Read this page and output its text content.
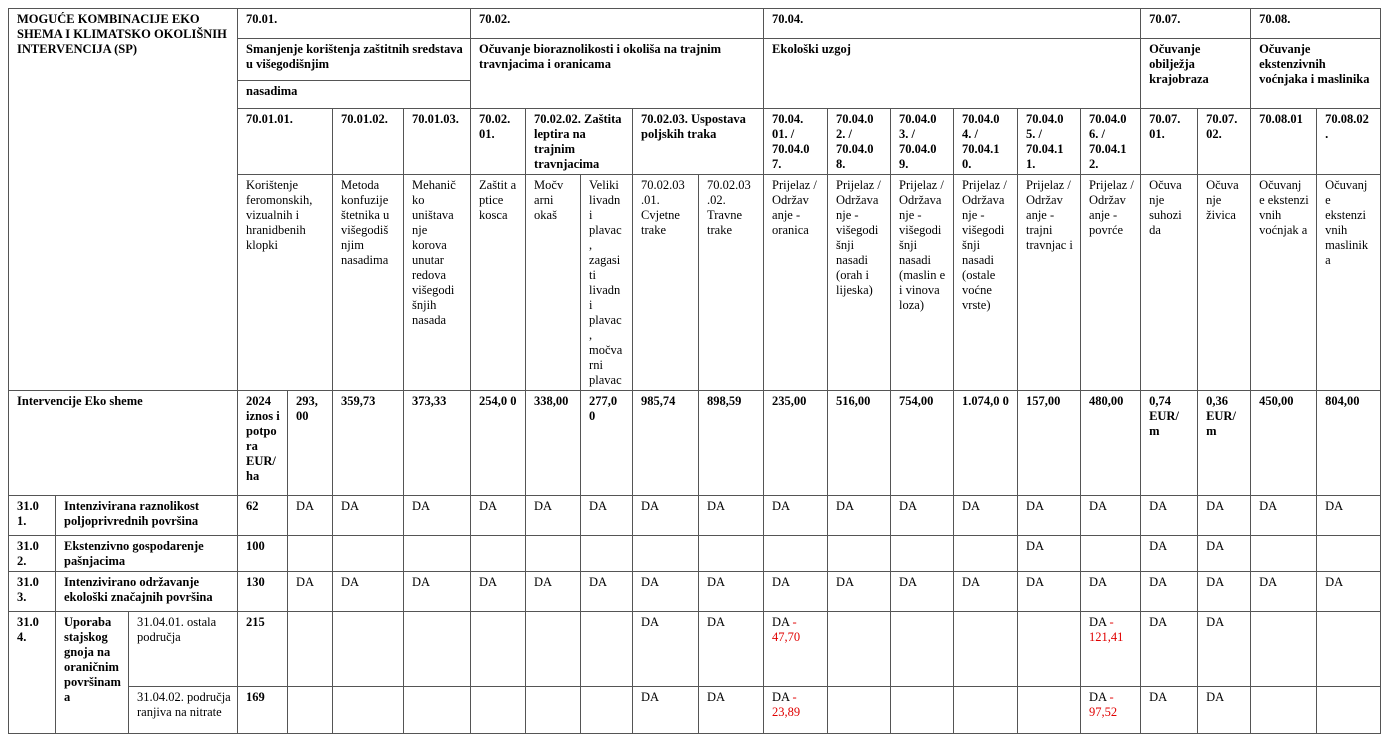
MOGUĆE KOMBINACIJE EKO SHEMA I KLIMATSKO OKOLIŠNIH INTERVENCIJA (SP)			70.01.				70.02.					70.04.						70.07.		70.08.	
			Smanjenje korištenja zaštitnih sredstava u višegodišnjim				Očuvanje bioraznolikosti i okoliša na trajnim travnjacima i oranicama					Ekološki uzgoj						Očuvanje obilježja krajobraza		Očuvanje ekstenzivnih voćnjaka i maslinika	
			nasadima																		
			70.01.01.		70.01.02.	70.01.03.	70.02. 01.	70.02.02. Zaštita leptira na trajnim travnjacima		70.02.03. Uspostava poljskih traka		70.04. 01. / 70.04.0 7.	70.04.0 2. / 70.04.0 8.	70.04.0 3. / 70.04.0 9.	70.04.0 4. / 70.04.1 0.	70.04.0 5. / 70.04.1 1.	70.04.0 6. / 70.04.1 2.	70.07. 01.	70.07. 02.	70.08.01	70.08.02 .
			Korištenje feromonskih, vizualnih i hranidbenih klopki		Metoda konfuzije štetnika u višegodiš njim nasadima	Mehanič ko uništava nje korova unutar redova višegodi šnjih nasada	Zaštit a ptice kosca	Močv arni okaš	Veliki livadn i plavac , zagasi ti livadn i plavac , močva rni plavac	70.02.03 .01. Cvjetne trake	70.02.03 .02. Travne trake	Prijelaz / Održav anje - oranica	Prijelaz / Održava nje - višegodi šnji nasadi (orah i lijeska)	Prijelaz / Održava nje - višegodi šnji nasadi (maslin e i vinova loza)	Prijelaz / Održava nje - višegodi šnji nasadi (ostale voćne vrste)	Prijelaz / Održav anje - trajni travnjac i	Prijelaz / Održav anje - povrće	Očuva nje suhozi da	Očuva nje živica	Očuvanj e ekstenzi vnih voćnjak a	Očuvanj e ekstenzi vnih maslinik a
Intervencije Eko sheme			2024 iznos i potpora EUR/ ha	293, 00	359,73	373,33	254,0 0	338,00	277,0 0	985,74	898,59	235,00	516,00	754,00	1.074,0 0	157,00	480,00	0,74 EUR/ m	0,36 EUR/ m	450,00	804,00
31.0 1.	Intenzivirana raznolikost poljoprivrednih površina		62	DA	DA	DA	DA	DA	DA	DA	DA	DA	DA	DA	DA	DA	DA	DA	DA	DA	DA
31.0 2.	Ekstenzivno gospodarenje pašnjacima		100													DA		DA	DA		
31.0 3.	Intenzivirano održavanje ekološki značajnih površina		130	DA	DA	DA	DA	DA	DA	DA	DA	DA	DA	DA	DA	DA	DA	DA	DA	DA	DA
31.0 4.	Uporaba stajskog gnoja na oraničnim površinam a	31.04.01. ostala područja	215							DA	DA	DA - 47,70					DA - 121,41	DA	DA		
		31.04.02. područja ranjiva na nitrate	169							DA	DA	DA - 23,89					DA - 97,52	DA	DA		
